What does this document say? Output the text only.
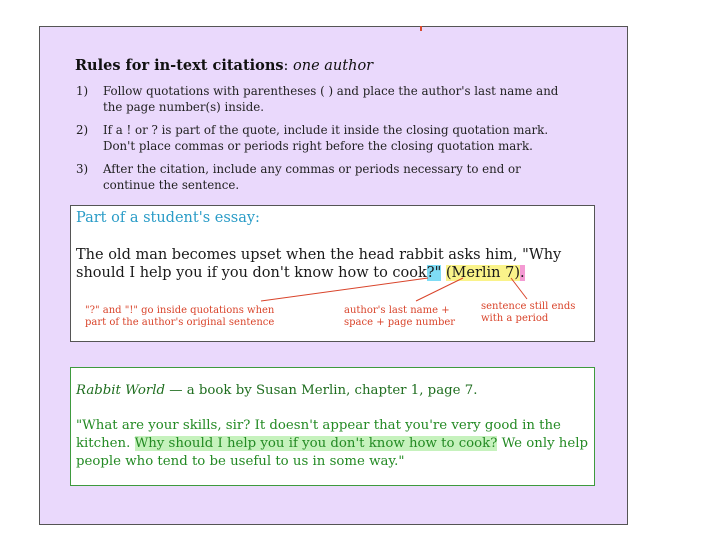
Rules for in-text citations: one author
1) Follow quotations with parentheses ( ) and place the author's last name and the page number(s) inside.
2) If a ! or ? is part of the quote, include it inside the closing quotation mark. Don't place commas or periods right before the closing quotation mark.
3) After the citation, include any commas or periods necessary to end or continue the sentence.
Part of a student's essay:
The old man becomes upset when the head rabbit asks him, "Why should I help you if you don't know how to cook?" (Merlin 7).
"?" and "!" go inside quotations when
part of the author's original sentence
author's last name +
space + page number
sentence still ends
with a period
Rabbit World — a book by Susan Merlin, chapter 1, page 7.
"What are your skills, sir? It doesn't appear that you're very good in the kitchen. Why should I help you if you don't know how to cook? We only help people who tend to be useful to us in some way."
